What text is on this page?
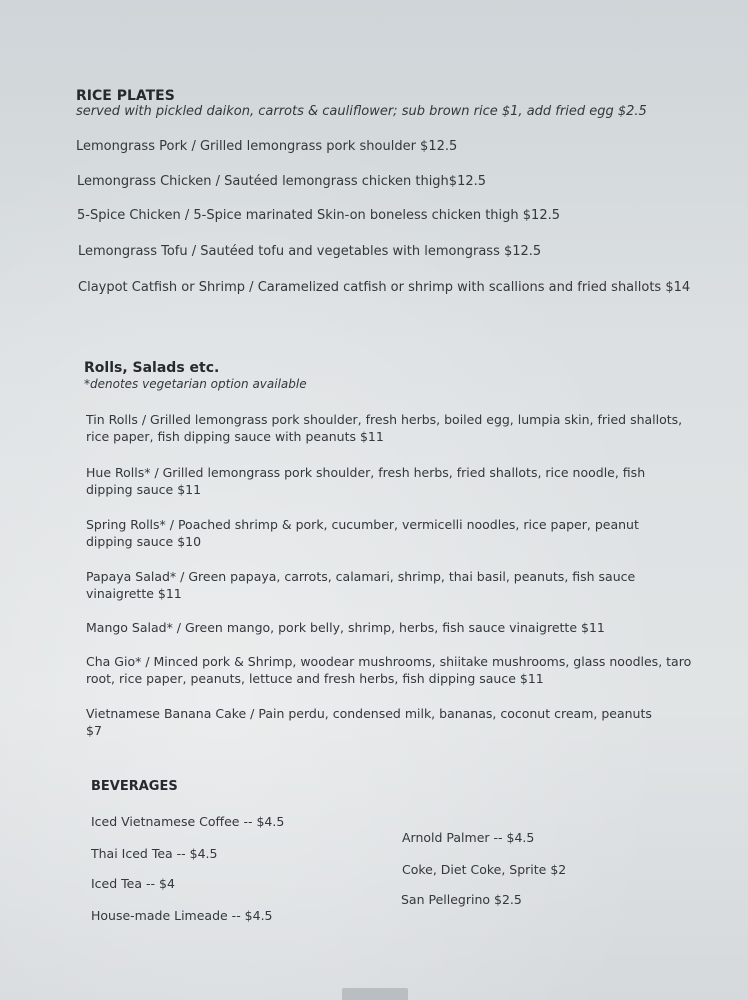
RICE PLATES
served with pickled daikon, carrots & cauliflower; sub brown rice $1, add fried egg $2.5
Lemongrass Pork / Grilled lemongrass pork shoulder $12.5
Lemongrass Chicken / Sautéed lemongrass chicken thigh$12.5
5-Spice Chicken / 5-Spice marinated Skin-on boneless chicken thigh $12.5
Lemongrass Tofu / Sautéed tofu and vegetables with lemongrass $12.5
Claypot Catfish or Shrimp / Caramelized catfish or shrimp with scallions and fried shallots $14
Rolls, Salads etc.
*denotes vegetarian option available
Tin Rolls / Grilled lemongrass pork shoulder, fresh herbs, boiled egg, lumpia skin, fried shallots, rice paper, fish dipping sauce with peanuts $11
Hue Rolls* / Grilled lemongrass pork shoulder, fresh herbs, fried shallots, rice noodle, fish dipping sauce $11
Spring Rolls* / Poached shrimp & pork, cucumber, vermicelli noodles, rice paper, peanut dipping sauce $10
Papaya Salad* / Green papaya, carrots, calamari, shrimp, thai basil, peanuts, fish sauce vinaigrette $11
Mango Salad* / Green mango, pork belly, shrimp, herbs, fish sauce vinaigrette $11
Cha Gio* / Minced pork & Shrimp, woodear mushrooms, shiitake mushrooms, glass noodles, taro root, rice paper, peanuts, lettuce and fresh herbs, fish dipping sauce $11
Vietnamese Banana Cake / Pain perdu, condensed milk, bananas, coconut cream, peanuts $7
BEVERAGES
Iced Vietnamese Coffee -- $4.5
Thai Iced Tea -- $4.5
Iced Tea -- $4
House-made Limeade -- $4.5
Arnold Palmer -- $4.5
Coke, Diet Coke, Sprite $2
San Pellegrino $2.5
